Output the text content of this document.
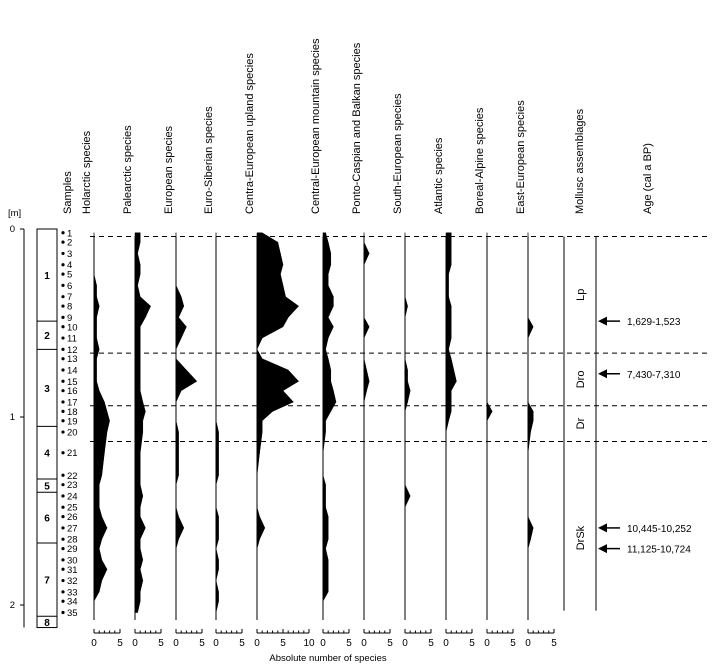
[m]
0
1
2
1
2
3
4
5
6
7
8
Samples
1
2
3
4
5
6
7
8
9
10
11
12
13
14
15
16
17
18
19
20
21
22
23
24
25
26
27
28
29
30
31
32
33
34
35
Holarctic species
0 5
Palearctic species
0 5
European species
0 5
Euro-Siberian species
0 5
Centra-European upland species
0 5 10
Central-European mountain species
0 5
Ponto-Caspian and Balkan species
0 5
South-European species
0 5
Atlantic species
0 5
Boreal-Alpine species
0 5
East-European species
0 5
Mollusc assemblages
Lp
Dro
Dr
DrSk
Age (cal a BP)
1,629-1,523
7,430-7,310
10,445-10,252
11,125-10,724
Absolute number of species
